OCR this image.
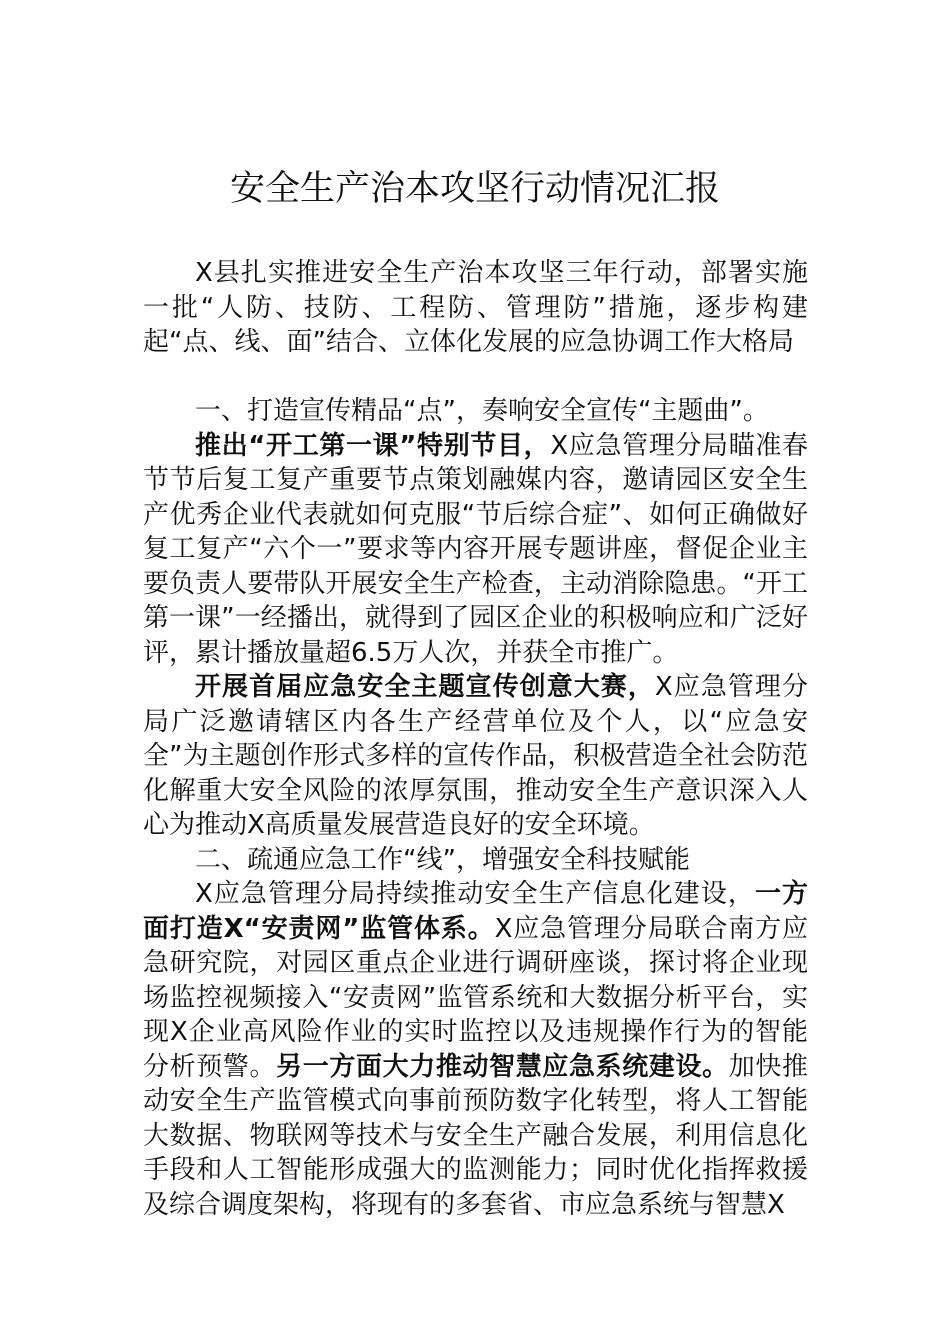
安全生产治本攻坚行动情况汇报

X县扎实推进安全生产治本攻坚三年行动，部署实施一批“人防、技防、工程防、管理防”措施，逐步构建起“点、线、面”结合、立体化发展的应急协调工作大格局

一、打造宣传精品“点”，奏响安全宣传“主题曲”。

推出“开工第一课”特别节目，X应急管理分局瞄准春节节后复工复产重要节点策划融媒内容，邀请园区安全生产优秀企业代表就如何克服“节后综合症”、如何正确做好复工复产“六个一”要求等内容开展专题讲座，督促企业主要负责人要带队开展安全生产检查，主动消除隐患。“开工第一课”一经播出，就得到了园区企业的积极响应和广泛好评，累计播放量超6.5万人次，并获全市推广。

开展首届应急安全主题宣传创意大赛，X应急管理分局广泛邀请辖区内各生产经营单位及个人，以“应急安全”为主题创作形式多样的宣传作品，积极营造全社会防范化解重大安全风险的浓厚氛围，推动安全生产意识深入人心为推动X高质量发展营造良好的安全环境。

二、疏通应急工作“线”，增强安全科技赋能

X应急管理分局持续推动安全生产信息化建设，一方面打造X“安责网”监管体系。X应急管理分局联合南方应急研究院，对园区重点企业进行调研座谈，探讨将企业现场监控视频接入“安责网”监管系统和大数据分析平台，实现X企业高风险作业的实时监控以及违规操作行为的智能分析预警。另一方面大力推动智慧应急系统建设。加快推动安全生产监管模式向事前预防数字化转型，将人工智能大数据、物联网等技术与安全生产融合发展，利用信息化手段和人工智能形成强大的监测能力；同时优化指挥救援及综合调度架构，将现有的多套省、市应急系统与智慧X
